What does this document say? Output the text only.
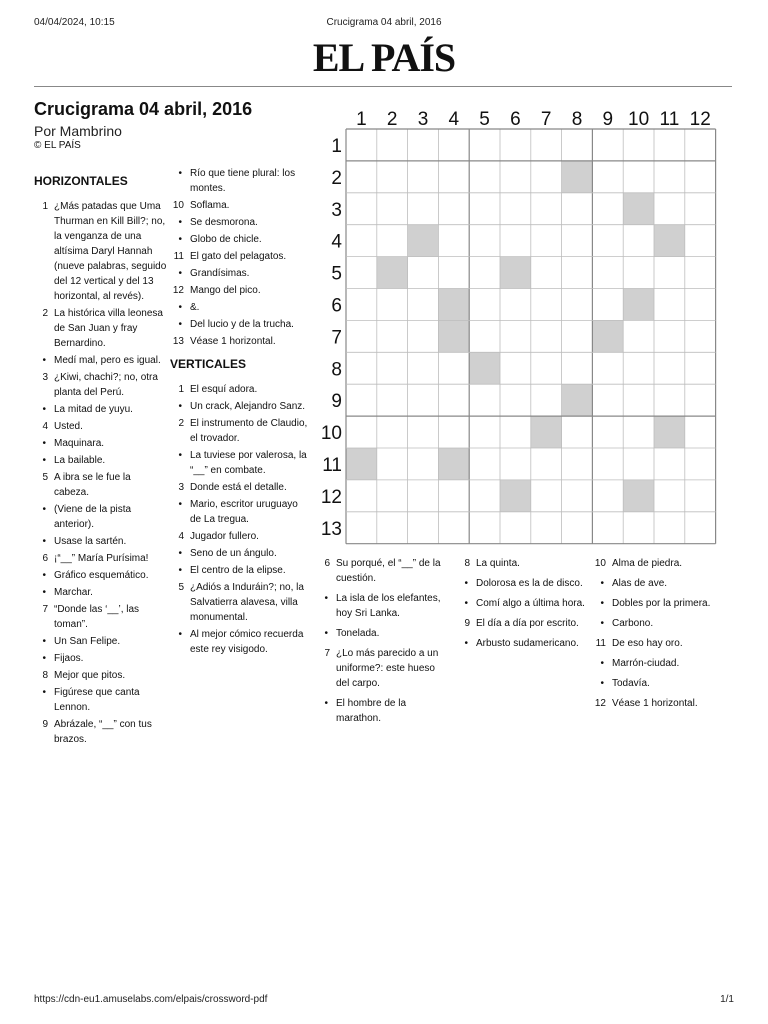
04/04/2024, 10:15	Crucigrama 04 abril, 2016
EL PAÍS
Crucigrama 04 abril, 2016
Por Mambrino
© EL PAÍS
HORIZONTALES
1 ¿Más patadas que Uma Thurman en Kill Bill?; no, la venganza de una altísima Daryl Hannah (nueve palabras, seguido del 12 vertical y del 13 horizontal, al revés).
2 La histórica villa leonesa de San Juan y fray Bernardino.
• Medí mal, pero es igual.
3 ¿Kiwi, chachi?; no, otra planta del Perú.
• La mitad de yuyu.
4 Usted.
• Maquinara.
• La bailable.
5 A ibra se le fue la cabeza.
• (Viene de la pista anterior).
• Usase la sartén.
6 ¡“__” María Purísima!
• Gráfico esquemático.
• Marchar.
7 “Donde las ‘__’, las toman”.
• Un San Felipe.
• Fijaos.
8 Mejor que pitos.
• Figúrese que canta Lennon.
9 Abrázale, “__” con tus brazos.
• Río que tiene plural: los montes.
10 Soflama.
• Se desmorona.
• Globo de chicle.
11 El gato del pelagatos.
• Grandísimas.
12 Mango del pico.
• &.
• Del lucio y de la trucha.
13 Véase 1 horizontal.
VERTICALES
1 El esquí adora.
• Un crack, Alejandro Sanz.
2 El instrumento de Claudio, el trovador.
• La tuviese por valerosa, la “__” en combate.
3 Donde está el detalle.
• Mario, escritor uruguayo de La tregua.
4 Jugador fullero.
• Seno de un ángulo.
• El centro de la elipse.
5 ¿Adiós a Induráin?; no, la Salvatierra alavesa, villa monumental.
• Al mejor cómico recuerda este rey visigodo.
6 Su porqué, el “__” de la cuestión.
• La isla de los elefantes, hoy Sri Lanka.
• Tonelada.
7 ¿Lo más parecido a un uniforme?: este hueso del carpo.
• El hombre de la marathon.
8 La quinta.
• Dolorosa es la de disco.
• Comí algo a última hora.
9 El día a día por escrito.
• Arbusto sudamericano.
10 Alma de piedra.
• Alas de ave.
• Dobles por la primera.
• Carbono.
11 De eso hay oro.
• Marrón-ciudad.
• Todavía.
12 Véase 1 horizontal.
1 2 3 4 5 6 7 8 9 10 11 12
1
2
3
4
5
6
7
8
9
10
11
12
13
https://cdn-eu1.amuselabs.com/elpais/crossword-pdf	1/1
